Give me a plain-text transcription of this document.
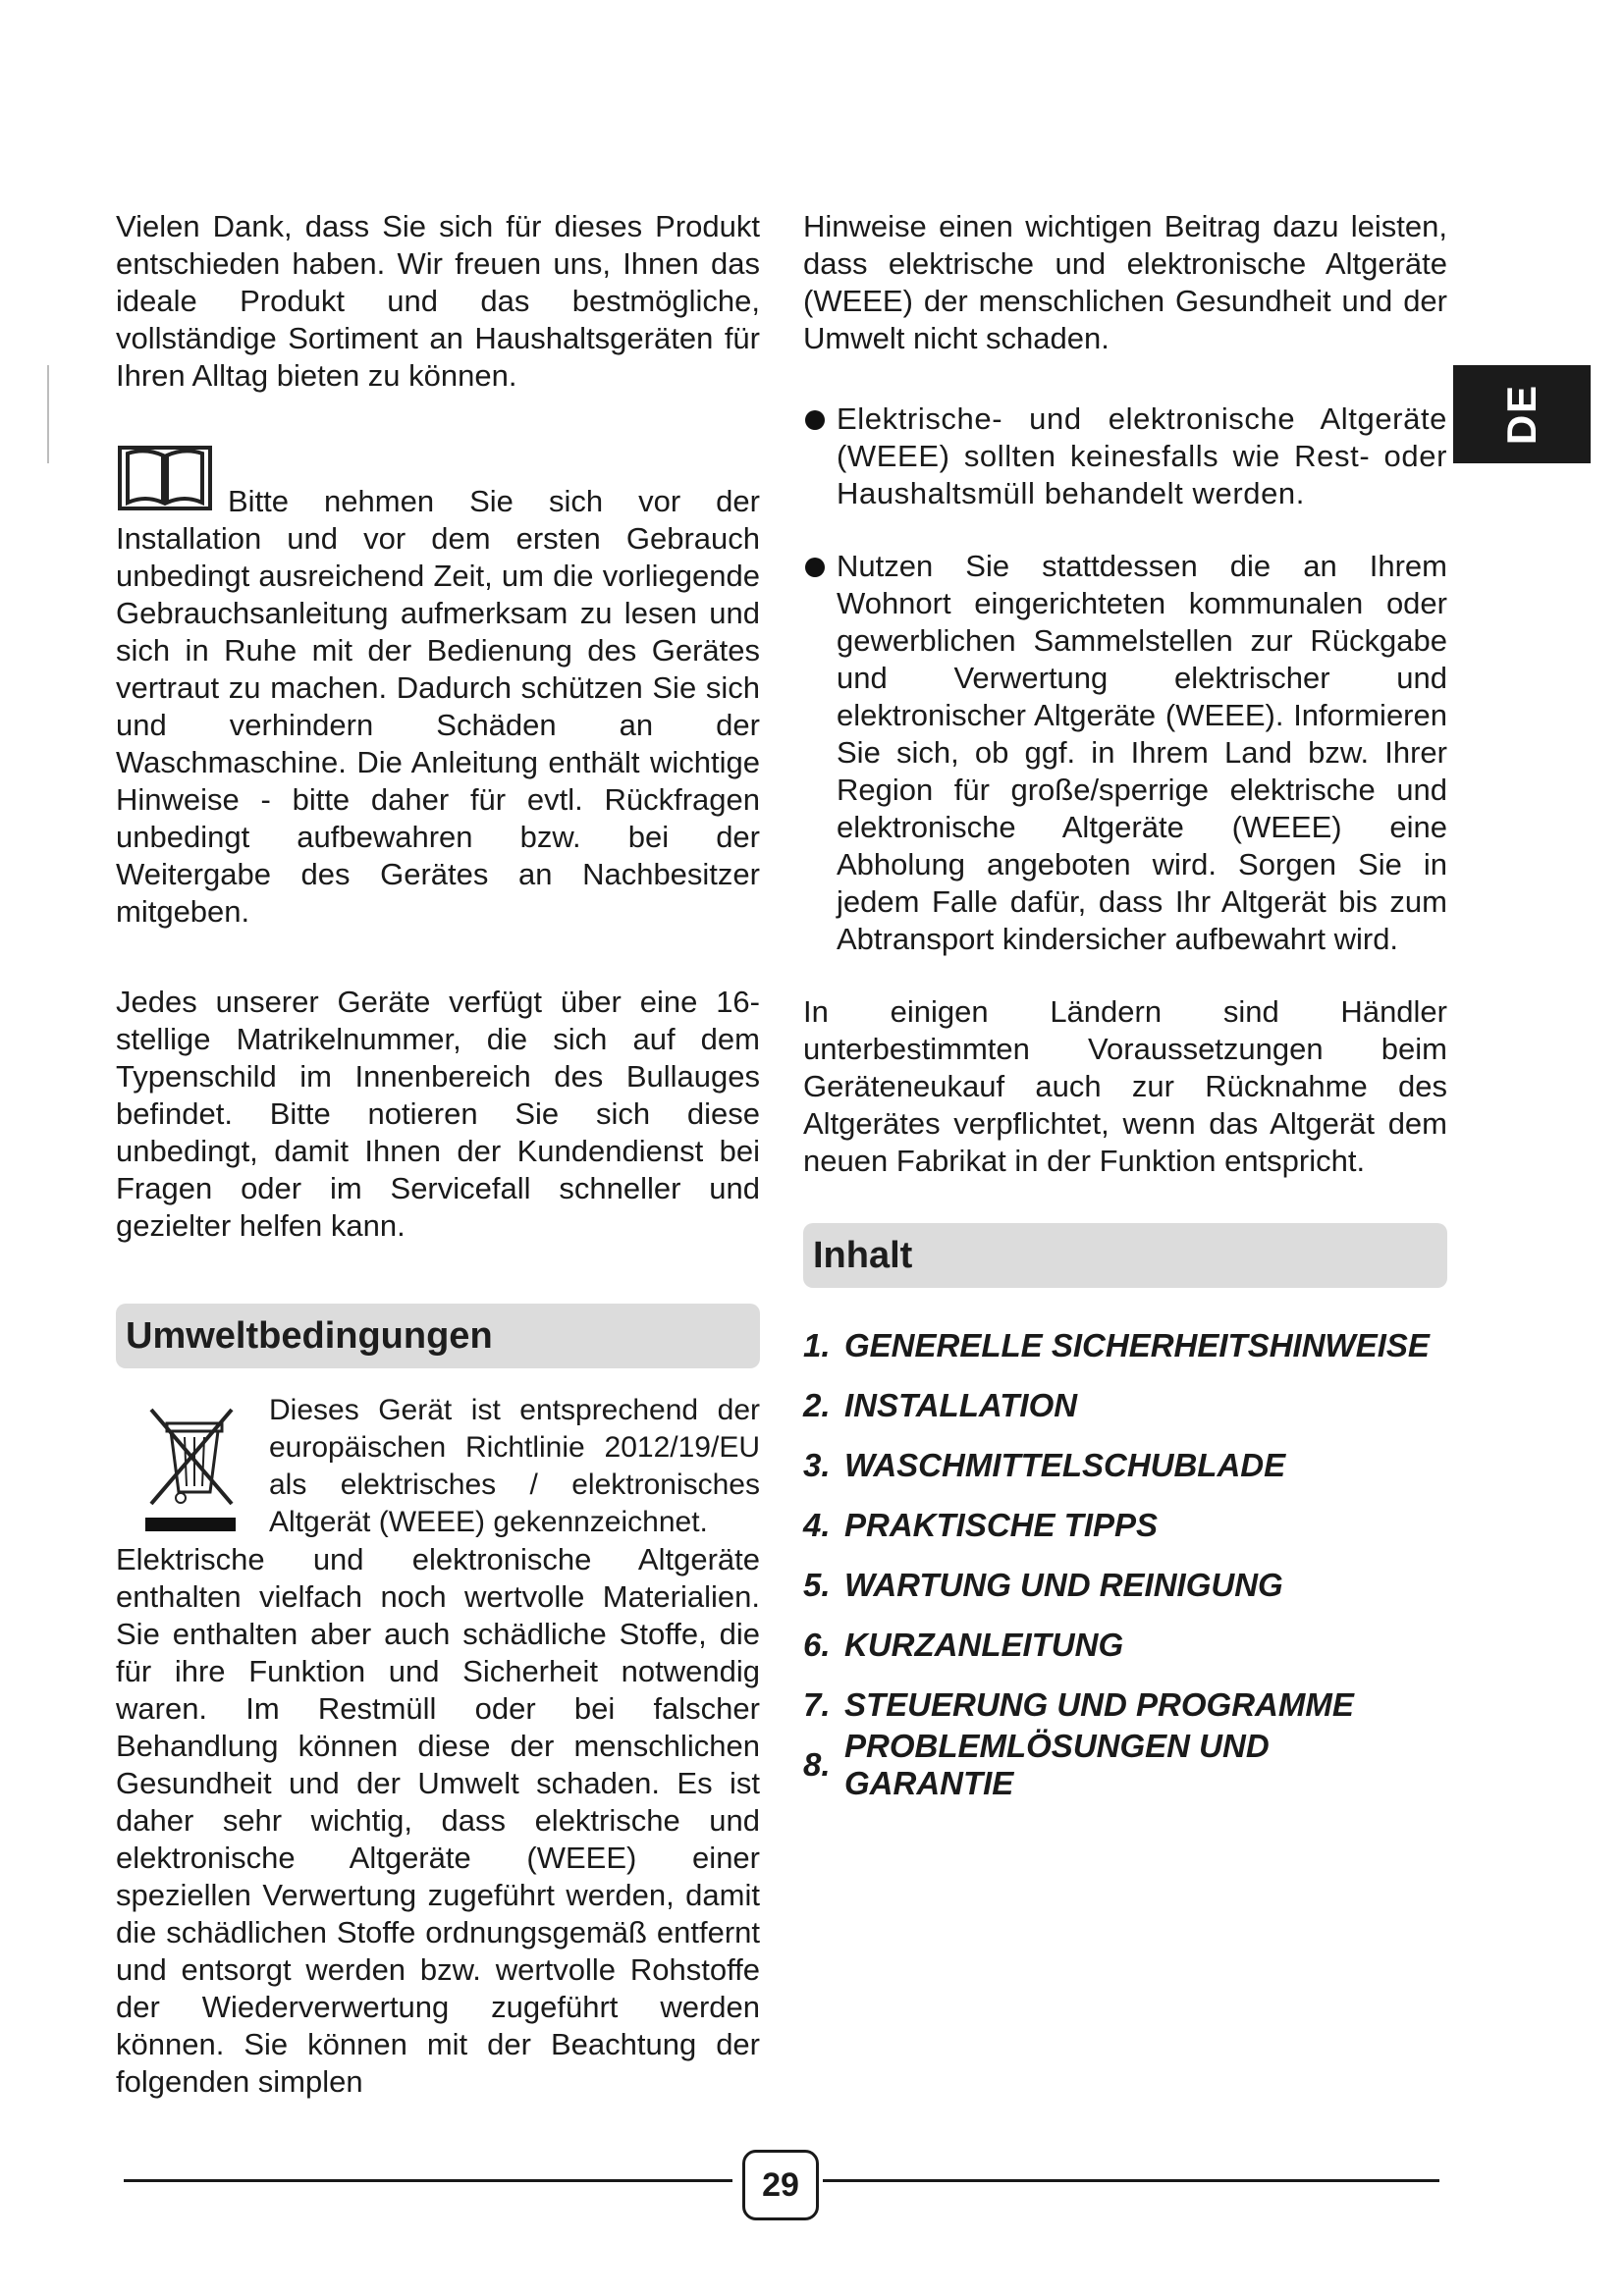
DE

Vielen Dank, dass Sie sich für dieses Produkt entschieden haben. Wir freuen uns, Ihnen das ideale Produkt und das bestmögliche, vollständige Sortiment an Haushaltsgeräten für Ihren Alltag bieten zu können.

Bitte nehmen Sie sich vor der Installation und vor dem ersten Gebrauch unbedingt ausreichend Zeit, um die vorliegende Gebrauchsanleitung aufmerksam zu lesen und sich in Ruhe mit der Bedienung des Gerätes vertraut zu machen. Dadurch schützen Sie sich und verhindern Schäden an der Waschmaschine. Die Anleitung enthält wichtige Hinweise - bitte daher für evtl. Rückfragen unbedingt aufbewahren bzw. bei der Weitergabe des Gerätes an Nachbesitzer mitgeben.

Jedes unserer Geräte verfügt über eine 16-stellige Matrikelnummer, die sich auf dem Typenschild im Innenbereich des Bullauges befindet. Bitte notieren Sie sich diese unbedingt, damit Ihnen der Kundendienst bei Fragen oder im Servicefall schneller und gezielter helfen kann.

Umweltbedingungen

Dieses Gerät ist entsprechend der europäischen Richtlinie 2012/19/EU als elektrisches / elektronisches Altgerät (WEEE) gekennzeichnet.

Elektrische und elektronische Altgeräte enthalten vielfach noch wertvolle Materialien. Sie enthalten aber auch schädliche Stoffe, die für ihre Funktion und Sicherheit notwendig waren. Im Restmüll oder bei falscher Behandlung können diese der menschlichen Gesundheit und der Umwelt schaden. Es ist daher sehr wichtig, dass elektrische und elektronische Altgeräte (WEEE) einer speziellen Verwertung zugeführt werden, damit die schädlichen Stoffe ordnungsgemäß entfernt und entsorgt werden bzw. wertvolle Rohstoffe der Wiederverwertung zugeführt werden können. Sie können mit der Beachtung der folgenden simplen

Hinweise einen wichtigen Beitrag dazu leisten, dass elektrische und elektronische Altgeräte (WEEE) der menschlichen Gesundheit und der Umwelt nicht schaden.

Elektrische- und elektronische Altgeräte (WEEE) sollten keinesfalls wie Rest- oder Haushaltsmüll behandelt werden.

Nutzen Sie stattdessen die an Ihrem Wohnort eingerichteten kommunalen oder gewerblichen Sammelstellen zur Rückgabe und Verwertung elektrischer und elektronischer Altgeräte (WEEE). Informieren Sie sich, ob ggf. in Ihrem Land bzw. Ihrer Region für große/sperrige elektrische und elektronische Altgeräte (WEEE) eine Abholung angeboten wird. Sorgen Sie in jedem Falle dafür, dass Ihr Altgerät bis zum Abtransport kindersicher aufbewahrt wird.

In einigen Ländern sind Händler unterbestimmten Voraussetzungen beim Geräteneukauf auch zur Rücknahme des Altgerätes verpflichtet, wenn das Altgerät dem neuen Fabrikat in der Funktion entspricht.

Inhalt
1. GENERELLE SICHERHEITSHINWEISE
2. INSTALLATION
3. WASCHMITTELSCHUBLADE
4. PRAKTISCHE TIPPS
5. WARTUNG UND REINIGUNG
6. KURZANLEITUNG
7. STEUERUNG UND PROGRAMME
8.
PROBLEMLÖSUNGEN UND GARANTIE
29
